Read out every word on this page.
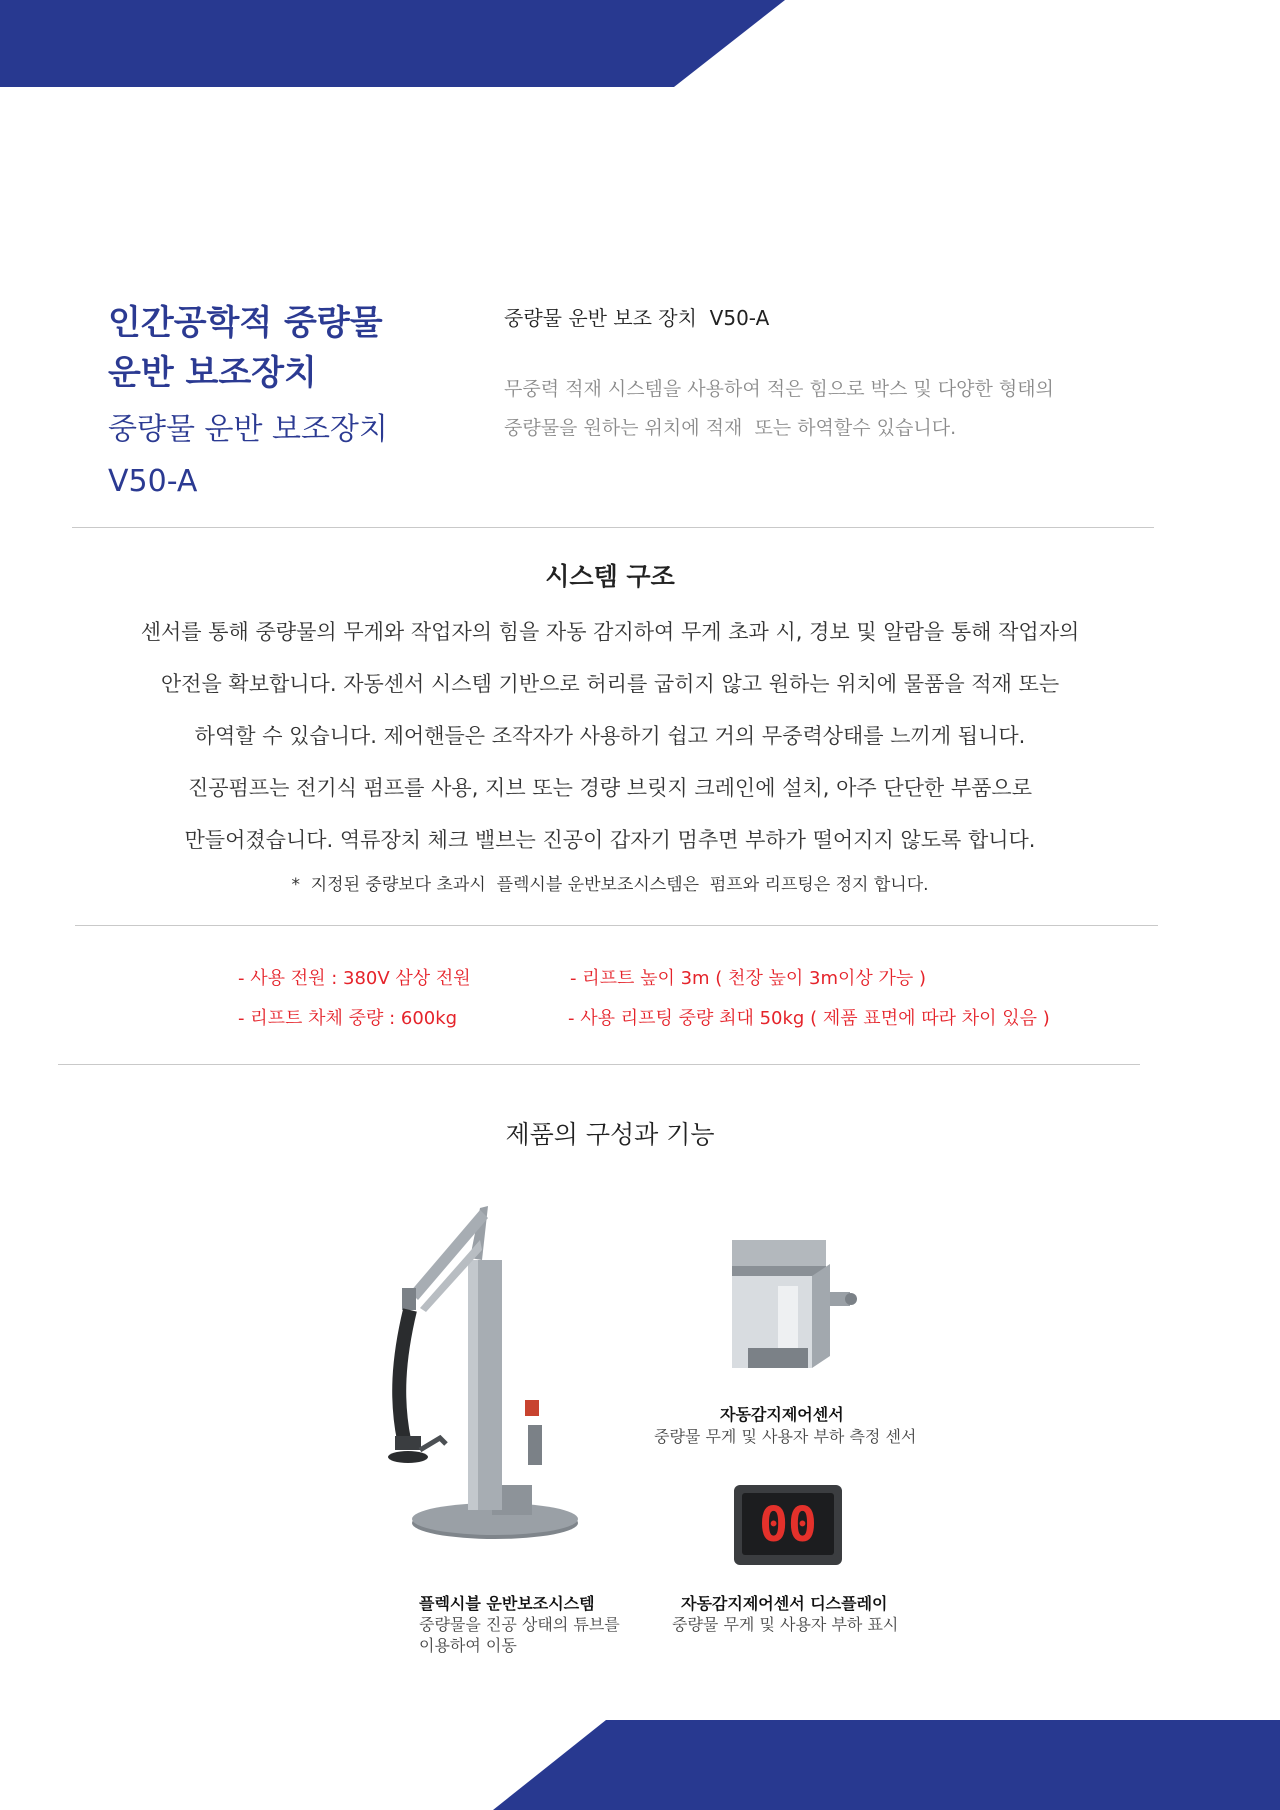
인간공학적 중량물
운반 보조장치
중량물 운반 보조장치
V50-A
중량물 운반 보조 장치  V50-A
무중력 적재 시스템을 사용하여 적은 힘으로 박스 및 다양한 형태의
중량물을 원하는 위치에 적재  또는 하역할수 있습니다.
시스템 구조
센서를 통해 중량물의 무게와 작업자의 힘을 자동 감지하여 무게 초과 시, 경보 및 알람을 통해 작업자의
안전을 확보합니다. 자동센서 시스템 기반으로 허리를 굽히지 않고 원하는 위치에 물품을 적재 또는
하역할 수 있습니다. 제어핸들은 조작자가 사용하기 쉽고 거의 무중력상태를 느끼게 됩니다.
진공펌프는 전기식 펌프를 사용, 지브 또는 경량 브릿지 크레인에 설치, 아주 단단한 부품으로
만들어졌습니다. 역류장치 체크 밸브는 진공이 갑자기 멈추면 부하가 떨어지지 않도록 합니다.
*  지정된 중량보다 초과시  플렉시블 운반보조시스템은  펌프와 리프팅은 정지 합니다.
- 사용 전원 : 380V 삼상 전원	- 리프트 높이 3m ( 천장 높이 3m이상 가능 )
- 리프트 차체 중량 : 600kg	- 사용 리프팅 중량 최대 50kg ( 제품 표면에 따라 차이 있음 )
제품의 구성과 기능
자동감지제어센서
중량물 무게 및 사용자 부하 측정 센서
00
자동감지제어센서 디스플레이
중량물 무게 및 사용자 부하 표시
플렉시블 운반보조시스템
중량물을 진공 상태의 튜브를
이용하여 이동
